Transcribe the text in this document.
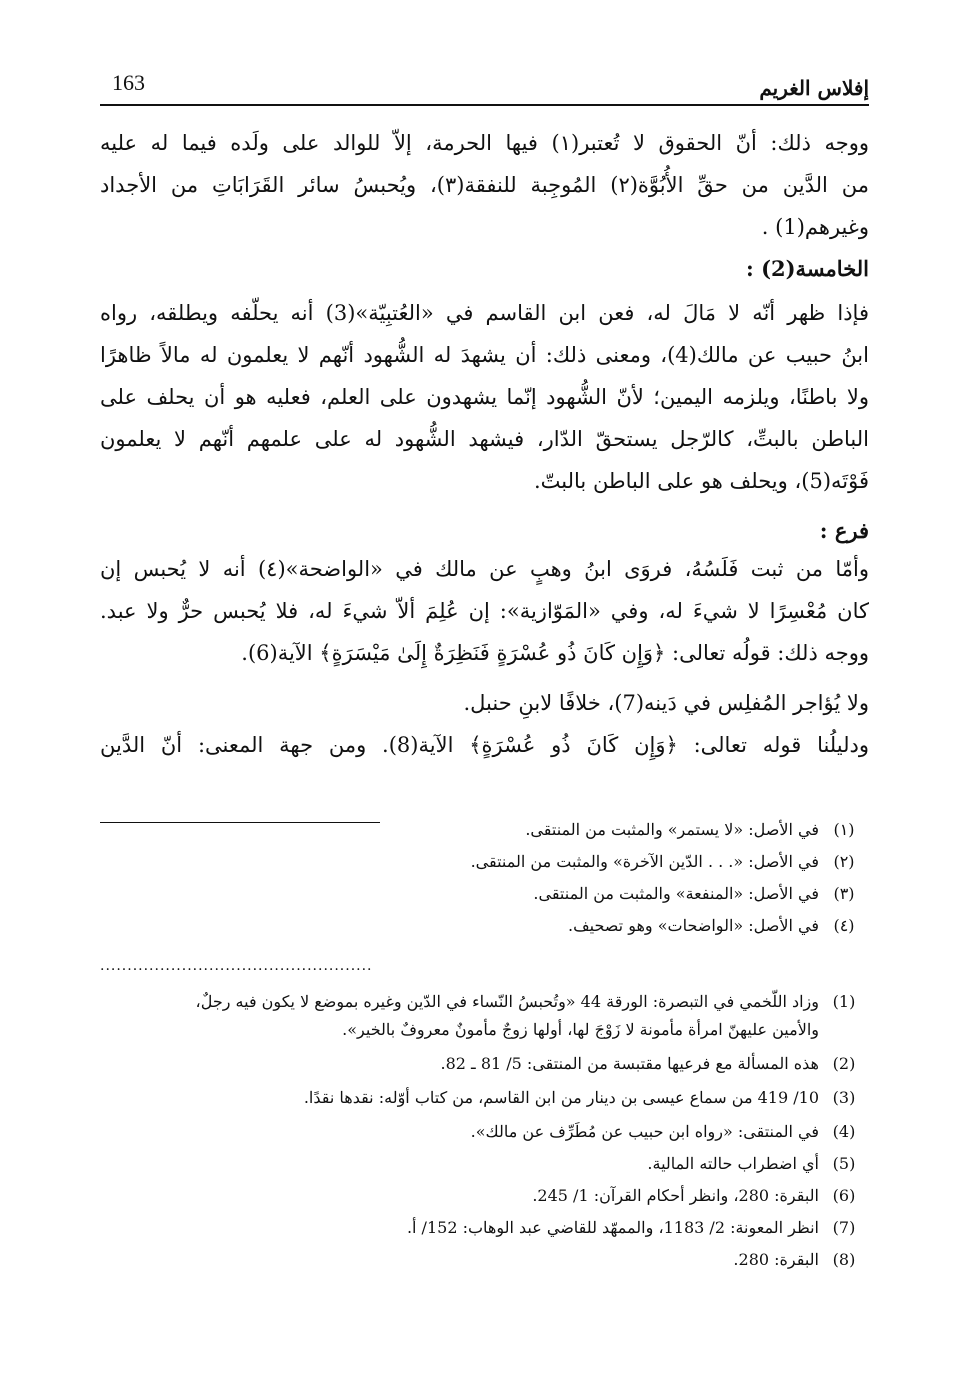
163	إفلاس الغريم
ووجه ذلك: أنّ الحقوق لا تُعتبر(١) فيها الحرمة، إلاّ للوالد على ولَده فيما له عليه
من الدَّين من حقِّ الأُبُوَّة(٢) المُوجِبة للنفقة(٣)، ويُحبسُ سائر القَرَابَاتِ من الأجداد
وغيرهم(1) .
الخامسة(2) :
فإذا ظهر أنّه لا مَالَ له، فعن ابن القاسم في «العُتبِيّة»(3) أنه يحلّفه ويطلقه، رواه
ابنُ حبيب عن مالك(4)، ومعنى ذلك: أن يشهدَ له الشُّهود أنّهم لا يعلمون له مالاً ظاهرًا
ولا باطنًا، ويلزمه اليمين؛ لأنّ الشُّهود إنّما يشهدون على العلم، فعليه هو أن يحلف على
الباطن بالبتِّ، كالرّجل يستحقّ الدّار، فيشهد الشُّهود له على علمهم أنّهم لا يعلمون
فَوْتَه(5)، ويحلف هو على الباطن بالبتّ.
فرع :
وأمّا من ثبت فَلَسُهُ، فروَى ابنُ وهبٍ عن مالك في «الواضحة»(٤) أنه لا يُحبس إن
كان مُعْسِرًا لا شيءَ له، وفي «المَوّازية»: إن عُلِمَ ألاّ شيءَ له، فلا يُحبس حرٌّ ولا عبد.
ووجه ذلك: قولُه تعالى: ﴿وَإِن كَانَ ذُو عُسْرَةٍ فَنَظِرَةٌ إِلَىٰ مَيْسَرَةٍ﴾ الآية(6).
ولا يُؤاجر المُفلِس في دَينه(7)، خلافًا لابنِ حنبل.
ودليلُنا قوله تعالى: ﴿وَإِن كَانَ ذُو عُسْرَةٍ﴾ الآية(8). ومن جهة المعنى: أنّ الدَّين
(١)في الأصل: «لا يستمر» والمثبت من المنتقى.
(٢)في الأصل: «. . . الدّين الآخرة» والمثبت من المنتقى.
(٣)في الأصل: «المنفعة» والمثبت من المنتقى.
(٤)في الأصل: «الواضحات» وهو تصحيف.
..................................................
(1)وزاد اللّخمي في التبصرة: الورقة 44 «وتُحبسُ النّساء في الدّين وغيره بموضع لا يكون فيه رجلٌ،
والأمين عليهنّ امرأة مأمونة لا زَوْجَ لها، أولها زوجٌ مأمونٌ معروفٌ بالخير».
(2)هذه المسألة مع فرعيها مقتبسة من المنتقى: 5/ 81 ـ 82.
(3)10/ 419 من سماع عيسى بن دينار من ابن القاسم، من كتاب أوّله: نقدها نقدًا.
(4)في المنتقى: «رواه ابن حبيب عن مُطَرِّف عن مالك».
(5)أي اضطراب حالته المالية.
(6)البقرة: 280، وانظر أحكام القرآن: 1/ 245.
(7)انظر المعونة: 2/ 1183، والممهّد للقاضي عبد الوهاب: 152/ أ.
(8)البقرة: 280.
